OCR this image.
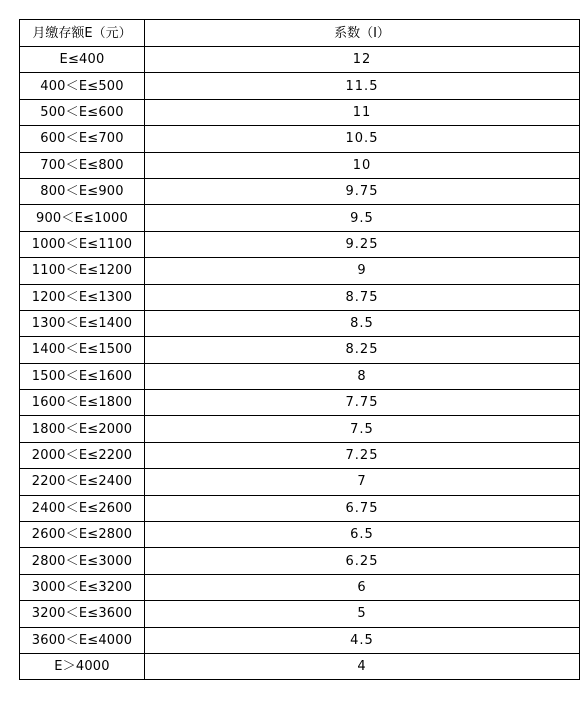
月缴存额E（元）	系数（I）
E≤400	12
400＜E≤500	11.5
500＜E≤600	11
600＜E≤700	10.5
700＜E≤800	10
800＜E≤900	9.75
900＜E≤1000	9.5
1000＜E≤1100	9.25
1100＜E≤1200	9
1200＜E≤1300	8.75
1300＜E≤1400	8.5
1400＜E≤1500	8.25
1500＜E≤1600	8
1600＜E≤1800	7.75
1800＜E≤2000	7.5
2000＜E≤2200	7.25
2200＜E≤2400	7
2400＜E≤2600	6.75
2600＜E≤2800	6.5
2800＜E≤3000	6.25
3000＜E≤3200	6
3200＜E≤3600	5
3600＜E≤4000	4.5
E＞4000	4
